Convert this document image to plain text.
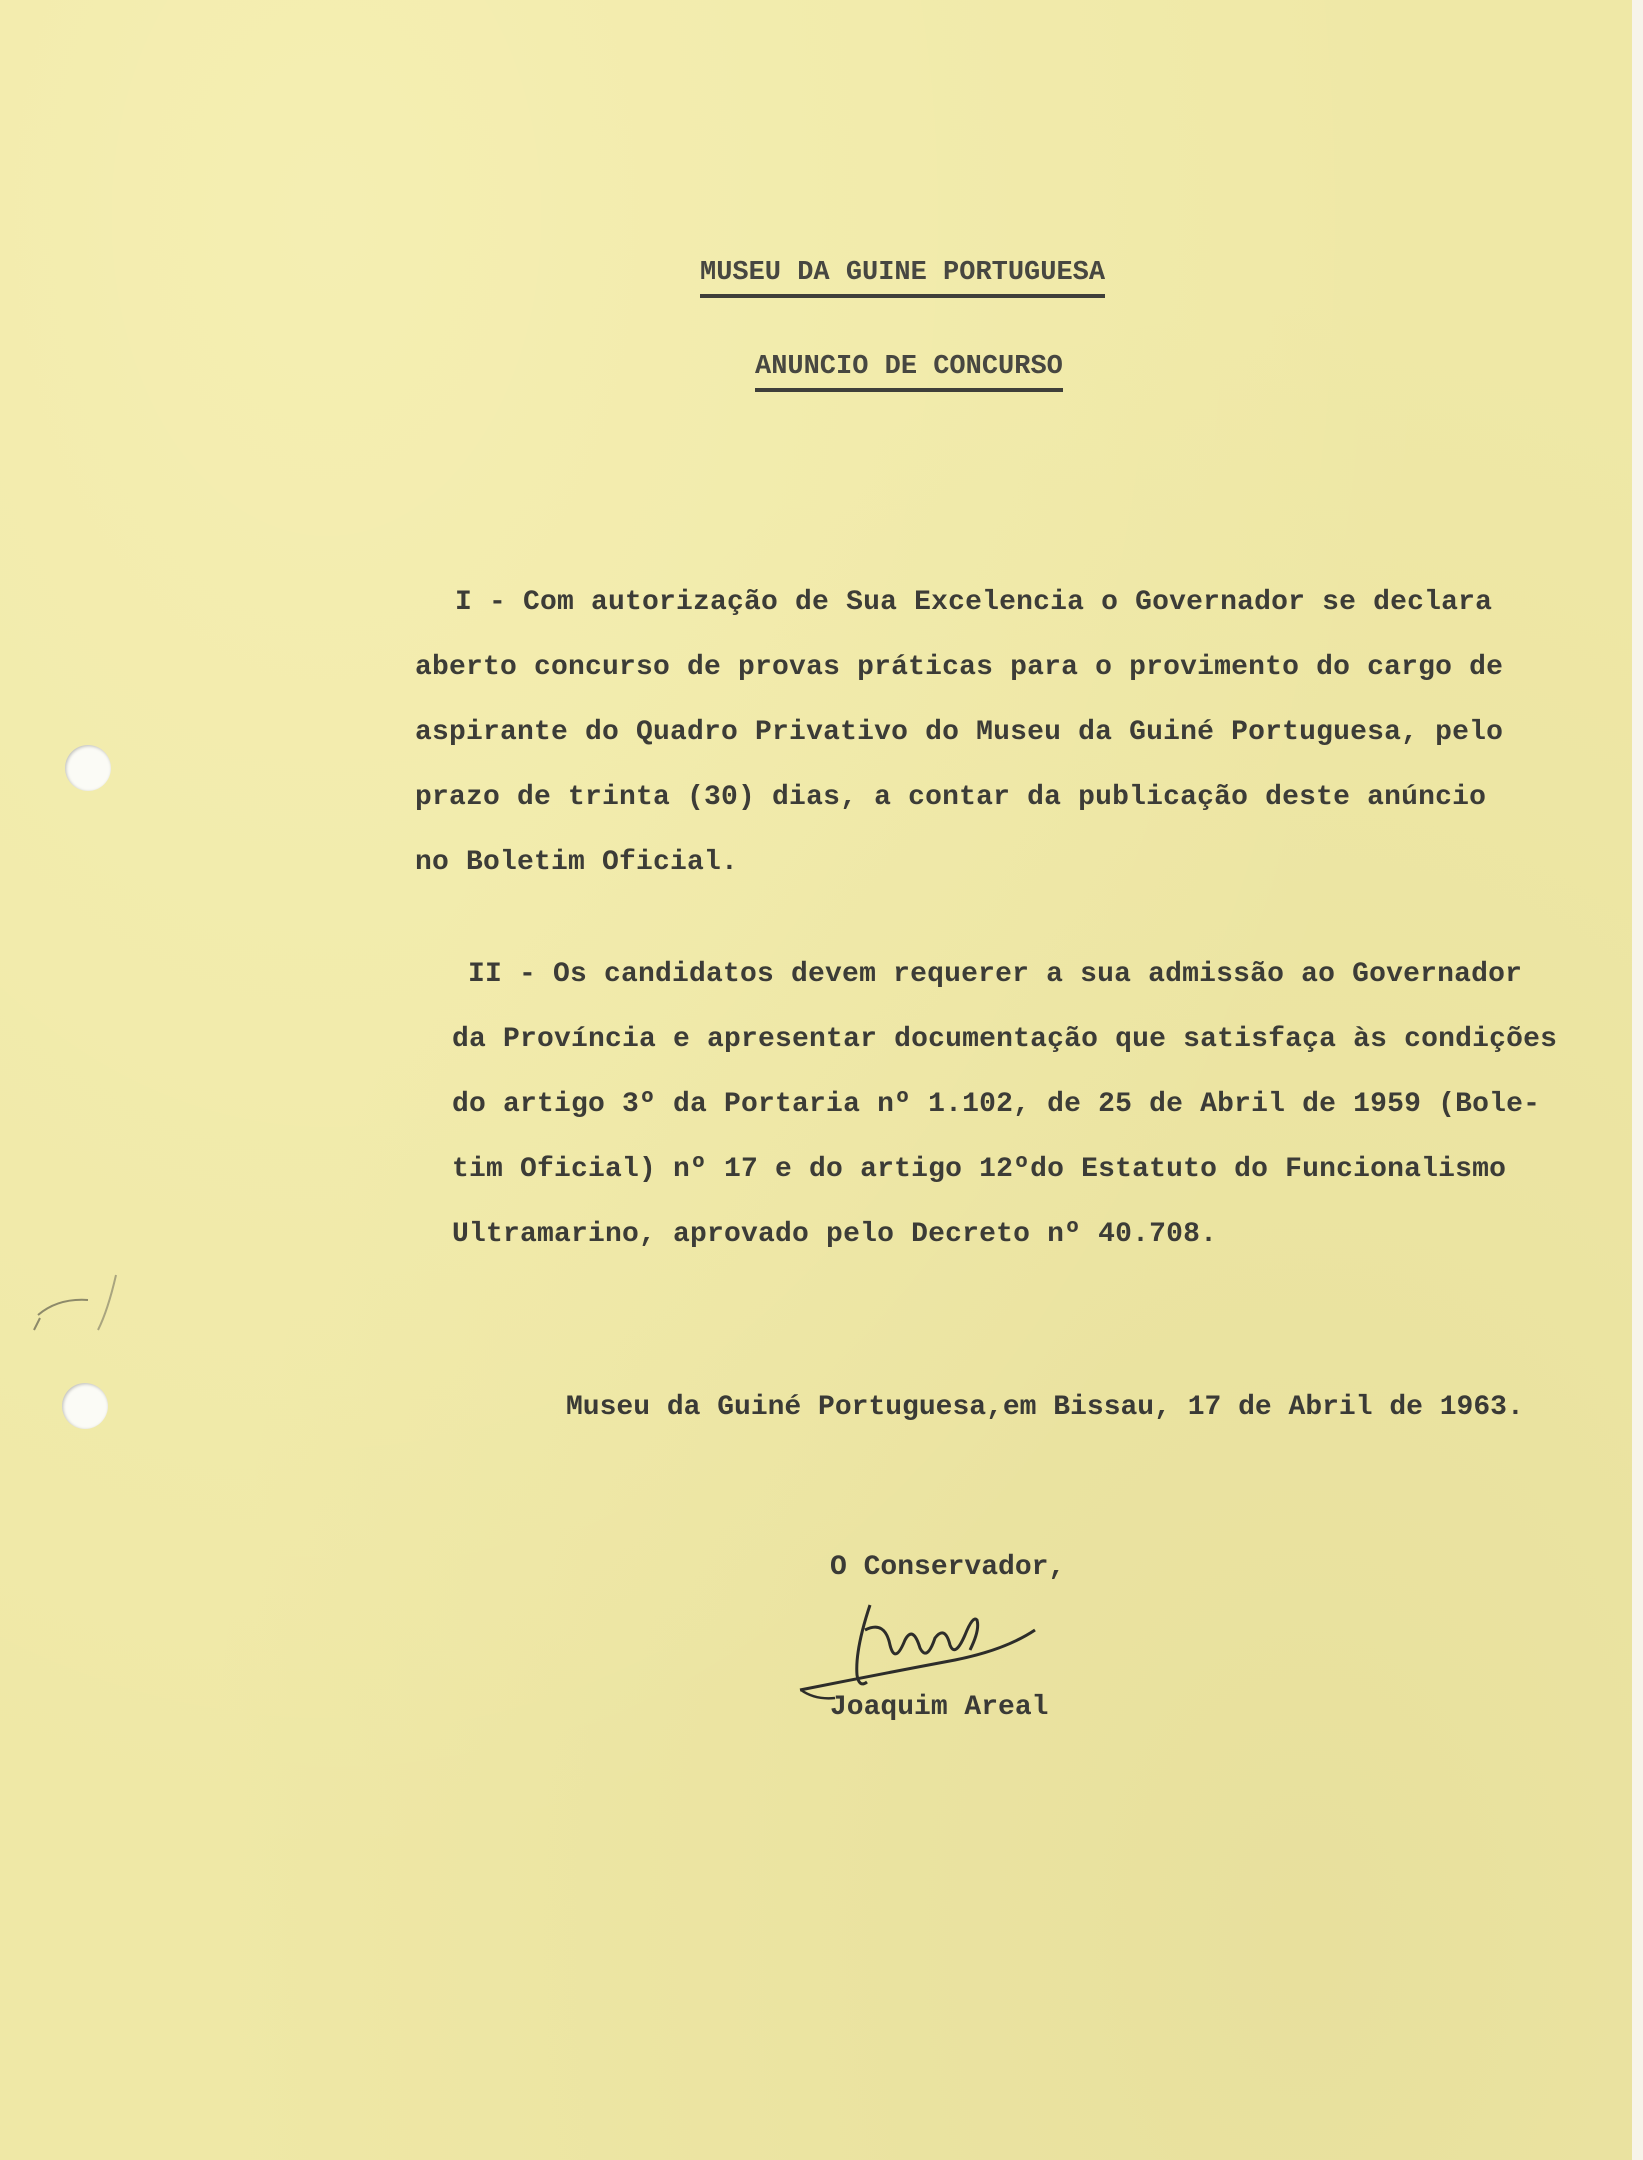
MUSEU DA GUINE PORTUGUESA
ANUNCIO DE CONCURSO
I - Com autorização de Sua Excelencia o Governador se declara
aberto concurso de provas práticas para o provimento do cargo de
aspirante do Quadro Privativo do Museu da Guiné Portuguesa, pelo
prazo de trinta (30) dias, a contar da publicação deste anúncio
no Boletim Oficial.
II - Os candidatos devem requerer a sua admissão ao Governador
da Província e apresentar documentação que satisfaça às condições
do artigo 3º da Portaria nº 1.102, de 25 de Abril de 1959 (Bole-
tim Oficial) nº 17 e do artigo 12ºdo Estatuto do Funcionalismo
Ultramarino, aprovado pelo Decreto nº 40.708.
Museu da Guiné Portuguesa,em Bissau, 17 de Abril de 1963.
O Conservador,
Joaquim Areal
